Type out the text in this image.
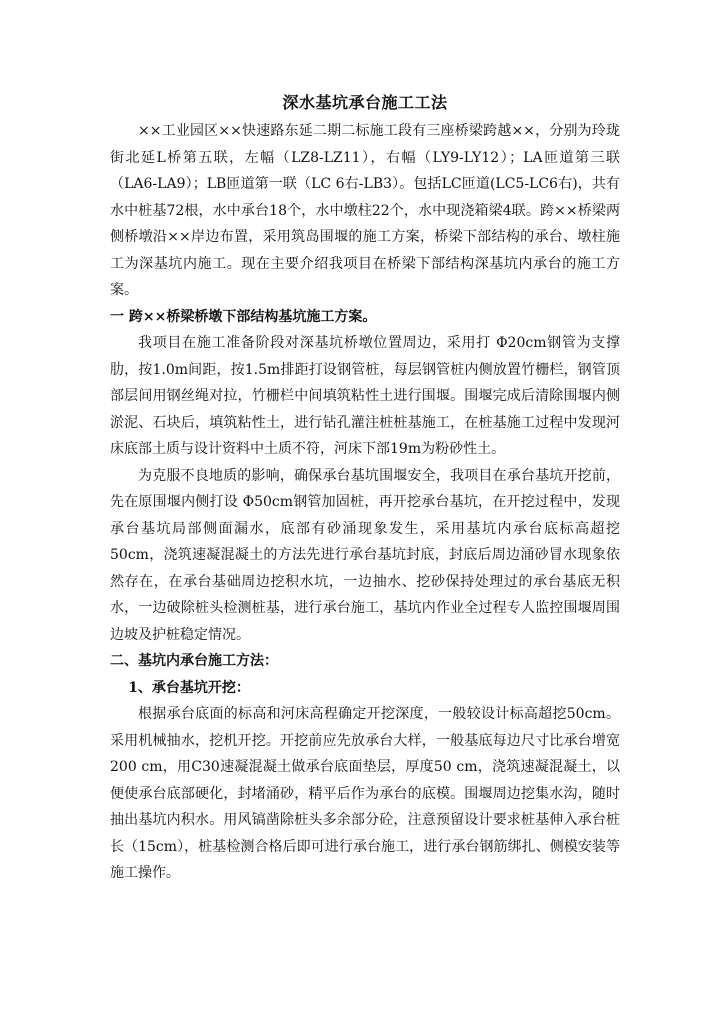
深水基坑承台施工工法

××工业园区××快速路东延二期二标施工段有三座桥梁跨越××，分别为玲珑街北延L桥第五联，左幅（LZ8-LZ11），右幅（LY9-LY12）；LA匝道第三联（LA6-LA9）；LB匝道第一联（LC 6右-LB3）。包括LC匝道(LC5-LC6右)，共有水中桩基72根，水中承台18个，水中墩柱22个，水中现浇箱梁4联。跨××桥梁两侧桥墩沿××岸边布置，采用筑岛围堰的施工方案，桥梁下部结构的承台、墩柱施工为深基坑内施工。现在主要介绍我项目在桥梁下部结构深基坑内承台的施工方案。

一 跨××桥梁桥墩下部结构基坑施工方案。

我项目在施工准备阶段对深基坑桥墩位置周边，采用打 Φ20cm钢管为支撑肋，按1.0m间距，按1.5m排距打设钢管桩，每层钢管桩内侧放置竹栅栏，钢管顶部层间用钢丝绳对拉，竹栅栏中间填筑粘性土进行围堰。围堰完成后清除围堰内侧淤泥、石块后，填筑粘性土，进行钻孔灌注桩桩基施工，在桩基施工过程中发现河床底部土质与设计资料中土质不符，河床下部19m为粉砂性土。

为克服不良地质的影响，确保承台基坑围堰安全，我项目在承台基坑开挖前，先在原围堰内侧打设 Φ50cm钢管加固桩，再开挖承台基坑，在开挖过程中，发现承台基坑局部侧面漏水，底部有砂涌现象发生，采用基坑内承台底标高超挖50cm，浇筑速凝混凝土的方法先进行承台基坑封底，封底后周边涌砂冒水现象依然存在，在承台基础周边挖积水坑，一边抽水、挖砂保持处理过的承台基底无积水，一边破除桩头检测桩基，进行承台施工，基坑内作业全过程专人监控围堰周围边坡及护桩稳定情况。

二、基坑内承台施工方法：

1、承台基坑开挖：

根据承台底面的标高和河床高程确定开挖深度，一般较设计标高超挖50cm。采用机械抽水，挖机开挖。开挖前应先放承台大样，一般基底每边尺寸比承台增宽200 cm，用C30速凝混凝土做承台底面垫层，厚度50 cm，浇筑速凝混凝土，以便使承台底部硬化，封堵涌砂，精平后作为承台的底模。围堰周边挖集水沟，随时抽出基坑内积水。用风镐凿除桩头多余部分砼，注意预留设计要求桩基伸入承台桩长（15cm），桩基检测合格后即可进行承台施工，进行承台钢筋绑扎、侧模安装等施工操作。
